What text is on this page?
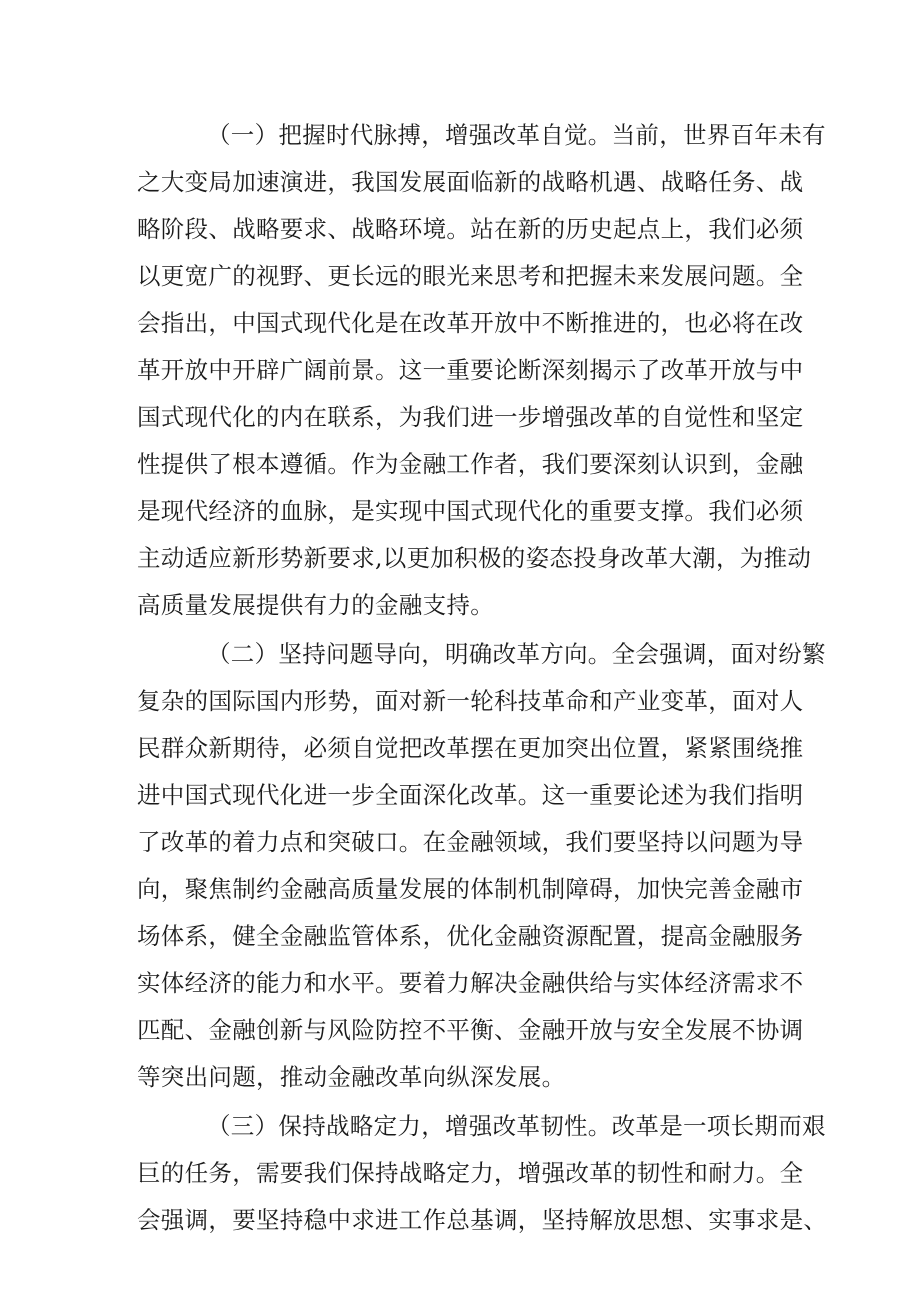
（一）把握时代脉搏，增强改革自觉。当前，世界百年未有
之大变局加速演进，我国发展面临新的战略机遇、战略任务、战
略阶段、战略要求、战略环境。站在新的历史起点上，我们必须
以更宽广的视野、更长远的眼光来思考和把握未来发展问题。全
会指出，中国式现代化是在改革开放中不断推进的，也必将在改
革开放中开辟广阔前景。这一重要论断深刻揭示了改革开放与中
国式现代化的内在联系，为我们进一步增强改革的自觉性和坚定
性提供了根本遵循。作为金融工作者，我们要深刻认识到，金融
是现代经济的血脉，是实现中国式现代化的重要支撑。我们必须
主动适应新形势新要求,以更加积极的姿态投身改革大潮，为推动
高质量发展提供有力的金融支持。

（二）坚持问题导向，明确改革方向。全会强调，面对纷繁
复杂的国际国内形势，面对新一轮科技革命和产业变革，面对人
民群众新期待，必须自觉把改革摆在更加突出位置，紧紧围绕推
进中国式现代化进一步全面深化改革。这一重要论述为我们指明
了改革的着力点和突破口。在金融领域，我们要坚持以问题为导
向，聚焦制约金融高质量发展的体制机制障碍，加快完善金融市
场体系，健全金融监管体系，优化金融资源配置，提高金融服务
实体经济的能力和水平。要着力解决金融供给与实体经济需求不
匹配、金融创新与风险防控不平衡、金融开放与安全发展不协调
等突出问题，推动金融改革向纵深发展。

（三）保持战略定力，增强改革韧性。改革是一项长期而艰
巨的任务，需要我们保持战略定力，增强改革的韧性和耐力。全
会强调，要坚持稳中求进工作总基调，坚持解放思想、实事求是、
